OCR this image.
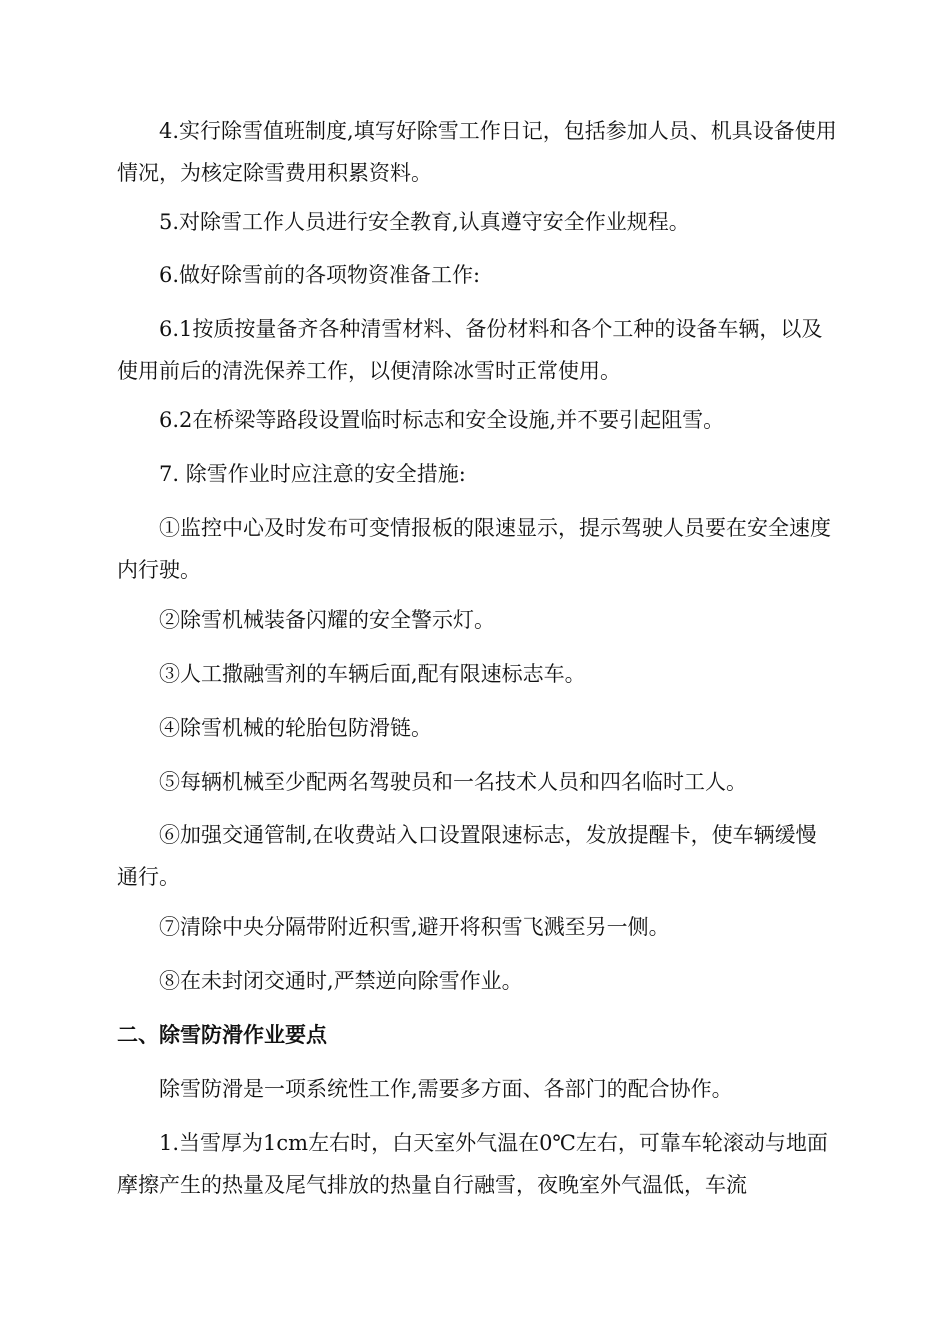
4.实行除雪值班制度,填写好除雪工作日记，包括参加人员、机具设备使用情况，为核定除雪费用积累资料。

5.对除雪工作人员进行安全教育,认真遵守安全作业规程。

6.做好除雪前的各项物资准备工作:

6.1按质按量备齐各种清雪材料、备份材料和各个工种的设备车辆，以及使用前后的清洗保养工作，以便清除冰雪时正常使用。

6.2在桥梁等路段设置临时标志和安全设施,并不要引起阻雪。

7. 除雪作业时应注意的安全措施:

①监控中心及时发布可变情报板的限速显示，提示驾驶人员要在安全速度内行驶。

②除雪机械装备闪耀的安全警示灯。

③人工撒融雪剂的车辆后面,配有限速标志车。

④除雪机械的轮胎包防滑链。

⑤每辆机械至少配两名驾驶员和一名技术人员和四名临时工人。

⑥加强交通管制,在收费站入口设置限速标志，发放提醒卡，使车辆缓慢通行。

⑦清除中央分隔带附近积雪,避开将积雪飞溅至另一侧。

⑧在未封闭交通时,严禁逆向除雪作业。

二、除雪防滑作业要点

除雪防滑是一项系统性工作,需要多方面、各部门的配合协作。

1.当雪厚为1cm左右时，白天室外气温在0℃左右，可靠车轮滚动与地面摩擦产生的热量及尾气排放的热量自行融雪，夜晚室外气温低，车流
